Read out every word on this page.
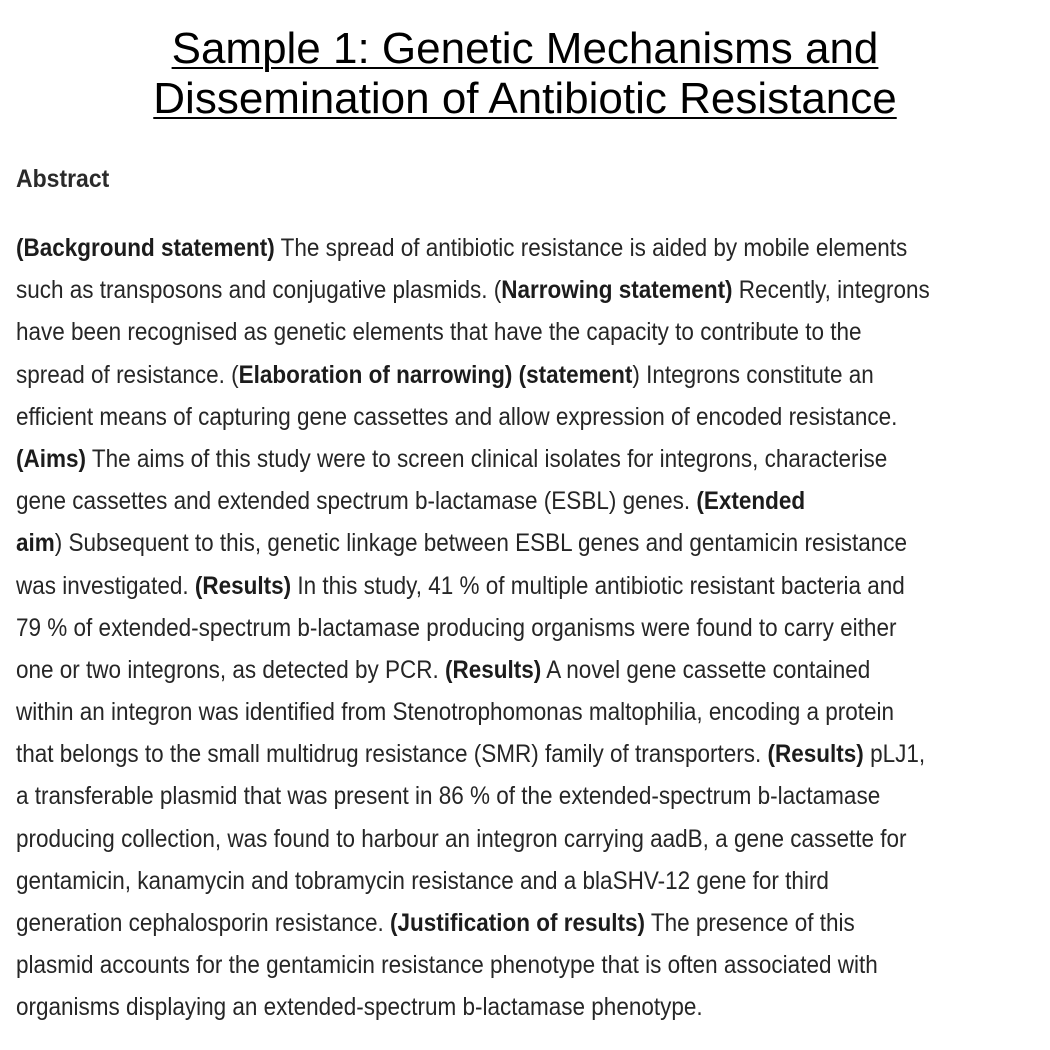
Sample 1: Genetic Mechanisms and
Dissemination of Antibiotic Resistance
Abstract
(Background statement) The spread of antibiotic resistance is aided by mobile elements
such as transposons and conjugative plasmids. (Narrowing statement) Recently, integrons
have been recognised as genetic elements that have the capacity to contribute to the
spread of resistance. (Elaboration of narrowing) (statement) Integrons constitute an
efficient means of capturing gene cassettes and allow expression of encoded resistance.
(Aims) The aims of this study were to screen clinical isolates for integrons, characterise
gene cassettes and extended spectrum b-lactamase (ESBL) genes. (Extended
aim) Subsequent to this, genetic linkage between ESBL genes and gentamicin resistance
was investigated. (Results) In this study, 41 % of multiple antibiotic resistant bacteria and
79 % of extended-spectrum b-lactamase producing organisms were found to carry either
one or two integrons, as detected by PCR. (Results) A novel gene cassette contained
within an integron was identified from Stenotrophomonas maltophilia, encoding a protein
that belongs to the small multidrug resistance (SMR) family of transporters. (Results) pLJ1,
a transferable plasmid that was present in 86 % of the extended-spectrum b-lactamase
producing collection, was found to harbour an integron carrying aadB, a gene cassette for
gentamicin, kanamycin and tobramycin resistance and a blaSHV-12 gene for third
generation cephalosporin resistance. (Justification of results) The presence of this
plasmid accounts for the gentamicin resistance phenotype that is often associated with
organisms displaying an extended-spectrum b-lactamase phenotype.
